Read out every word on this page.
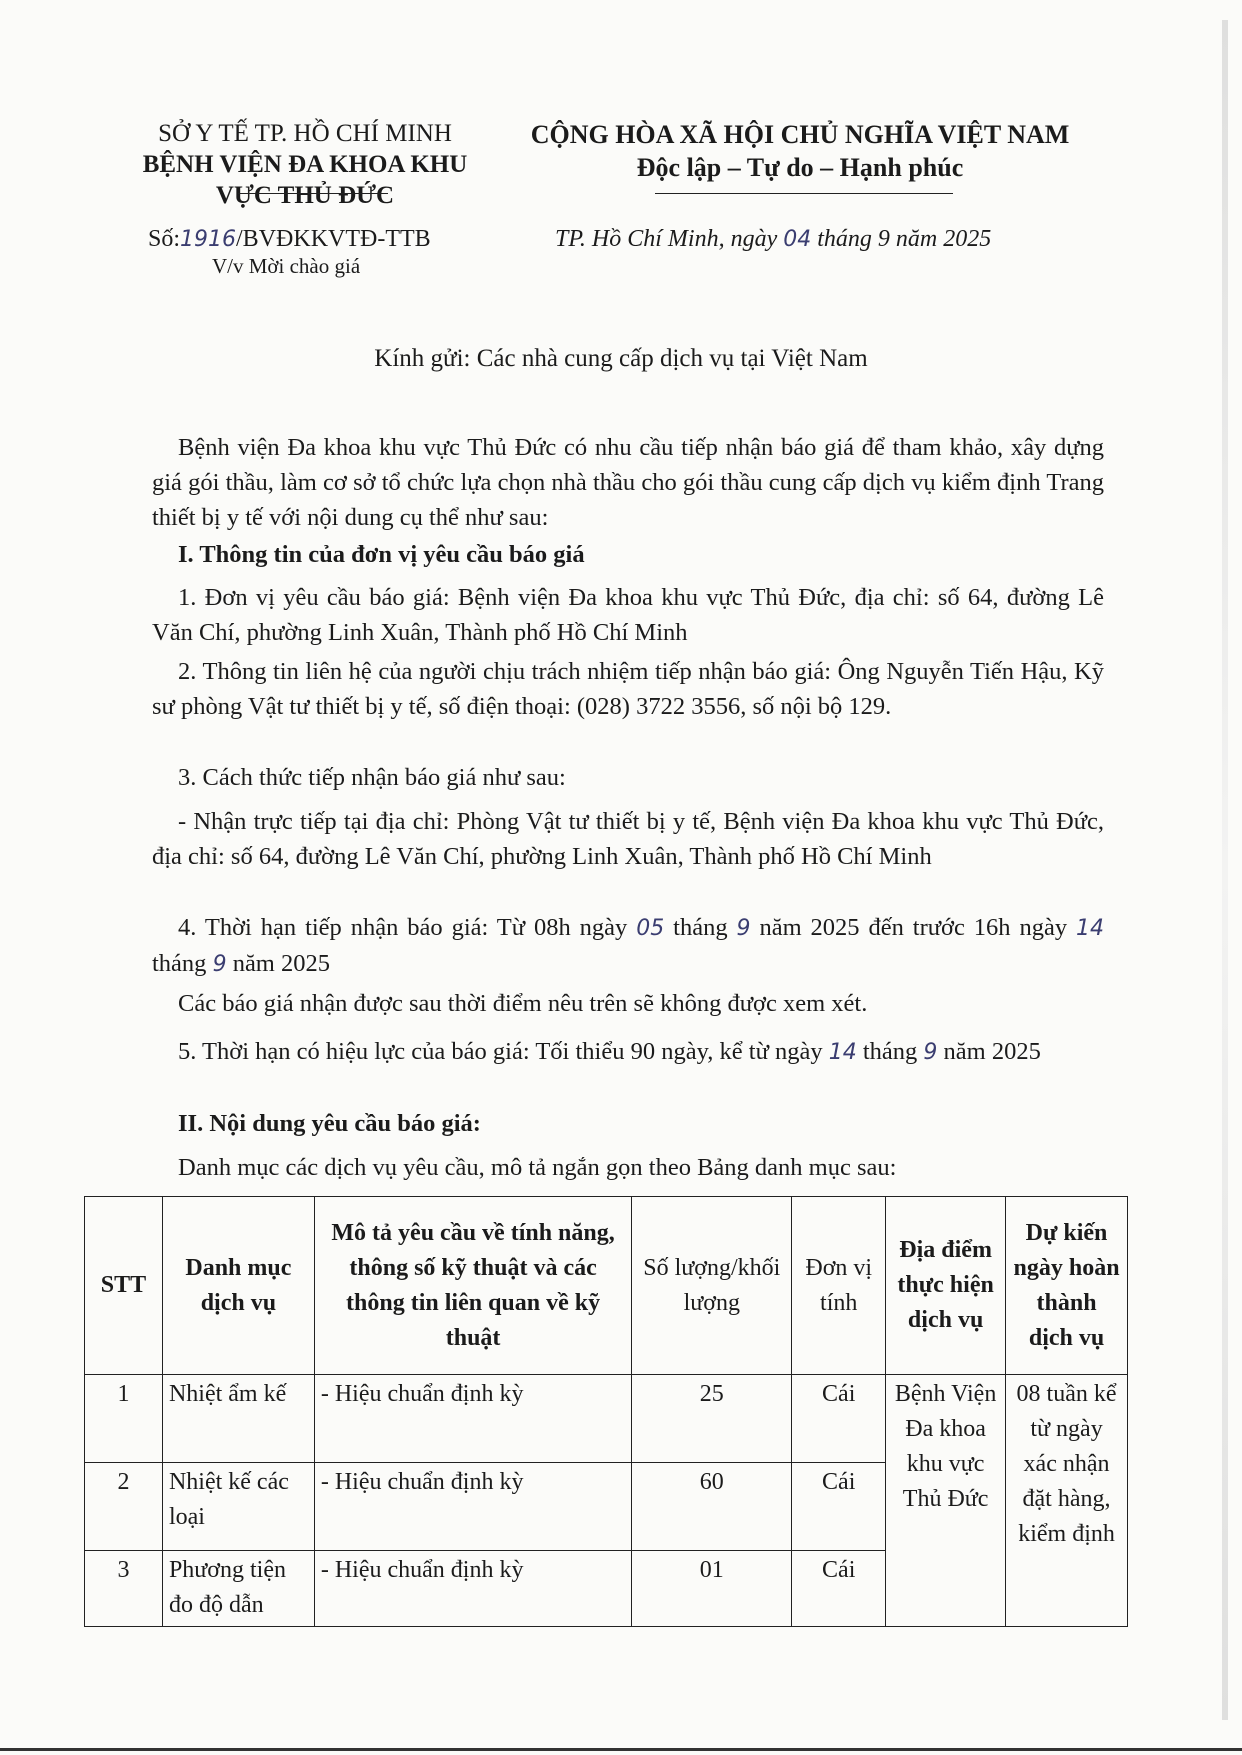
SỞ Y TẾ TP. HỒ CHÍ MINH
BỆNH VIỆN ĐA KHOA KHU
VỰC THỦ ĐỨC
CỘNG HÒA XÃ HỘI CHỦ NGHĨA VIỆT NAM
Độc lập – Tự do – Hạnh phúc
Số:1916/BVĐKKVTĐ-TTB
V/v Mời chào giá
TP. Hồ Chí Minh, ngày 04 tháng 9 năm 2025
Kính gửi: Các nhà cung cấp dịch vụ tại Việt Nam
Bệnh viện Đa khoa khu vực Thủ Đức có nhu cầu tiếp nhận báo giá để tham khảo, xây dựng giá gói thầu, làm cơ sở tổ chức lựa chọn nhà thầu cho gói thầu cung cấp dịch vụ kiểm định Trang thiết bị y tế với nội dung cụ thể như sau:
I. Thông tin của đơn vị yêu cầu báo giá
1. Đơn vị yêu cầu báo giá: Bệnh viện Đa khoa khu vực Thủ Đức, địa chỉ: số 64, đường Lê Văn Chí, phường Linh Xuân, Thành phố Hồ Chí Minh
2. Thông tin liên hệ của người chịu trách nhiệm tiếp nhận báo giá: Ông Nguyễn Tiến Hậu, Kỹ sư phòng Vật tư thiết bị y tế, số điện thoại: (028) 3722 3556, số nội bộ 129.
3. Cách thức tiếp nhận báo giá như sau:
- Nhận trực tiếp tại địa chỉ: Phòng Vật tư thiết bị y tế, Bệnh viện Đa khoa khu vực Thủ Đức, địa chỉ: số 64, đường Lê Văn Chí, phường Linh Xuân, Thành phố Hồ Chí Minh
4. Thời hạn tiếp nhận báo giá: Từ 08h ngày 05 tháng 9 năm 2025 đến trước 16h ngày 14 tháng 9 năm 2025
Các báo giá nhận được sau thời điểm nêu trên sẽ không được xem xét.
5. Thời hạn có hiệu lực của báo giá: Tối thiểu 90 ngày, kể từ ngày 14 tháng 9 năm 2025
II. Nội dung yêu cầu báo giá:
Danh mục các dịch vụ yêu cầu, mô tả ngắn gọn theo Bảng danh mục sau:
STT	Danh mục dịch vụ	Mô tả yêu cầu về tính năng, thông số kỹ thuật và các thông tin liên quan về kỹ thuật	Số lượng/khối lượng	Đơn vị tính	Địa điểm thực hiện dịch vụ	Dự kiến ngày hoàn thành dịch vụ
1	Nhiệt ẩm kế	- Hiệu chuẩn định kỳ	25	Cái	Bệnh Viện Đa khoa khu vực Thủ Đức	08 tuần kể từ ngày xác nhận đặt hàng, kiểm định
2	Nhiệt kế các loại	- Hiệu chuẩn định kỳ	60	Cái		
3	Phương tiện đo độ dẫn	- Hiệu chuẩn định kỳ	01	Cái		
